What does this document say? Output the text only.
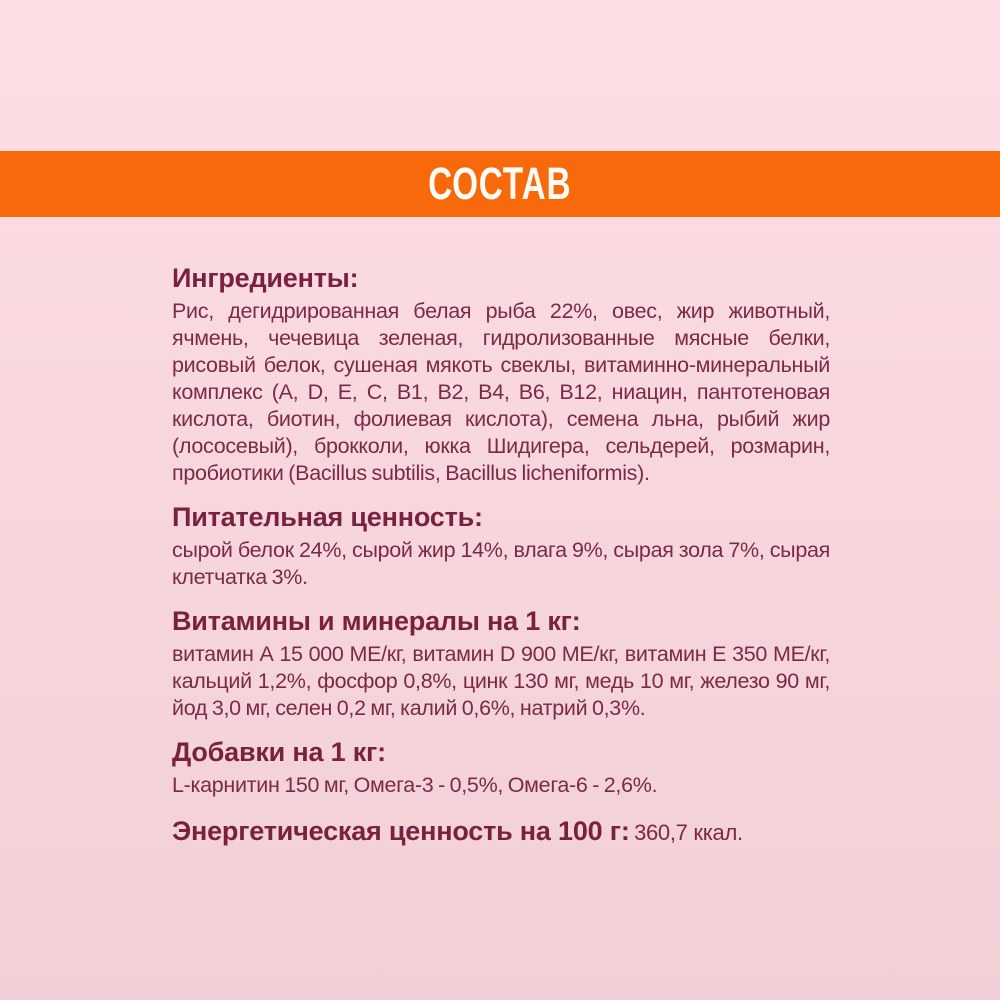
СОСТАВ
Ингредиенты:

Рис, дегидрированная белая рыба 22%, овес, жир животный, ячмень, чечевица зеленая, гидролизованные мясные белки, рисовый белок, сушеная мякоть свеклы, витаминно-минеральный комплекс (A, D, E, C, B1, B2, B4, B6, B12, ниацин, пантотеновая кислота, биотин, фолиевая кислота), семена льна, рыбий жир (лососевый), брокколи, юкка Шидигера, сельдерей, розмарин, пробиотики (Bacillus subtilis, Bacillus licheniformis).

Питательная ценность:

сырой белок 24%, сырой жир 14%, влага 9%, сырая зола 7%, сырая клетчатка 3%.

Витамины и минералы на 1 кг:

витамин А 15 000 МЕ/кг, витамин D 900 МЕ/кг, витамин Е 350 МЕ/кг, кальций 1,2%, фосфор 0,8%, цинк 130 мг, медь 10 мг, железо 90 мг, йод 3,0 мг, селен 0,2 мг, калий 0,6%, натрий 0,3%.

Добавки на 1 кг:

L-карнитин 150 мг, Омега-3 - 0,5%, Омега-6 - 2,6%.

Энергетическая ценность на 100 г: 360,7 ккал.
